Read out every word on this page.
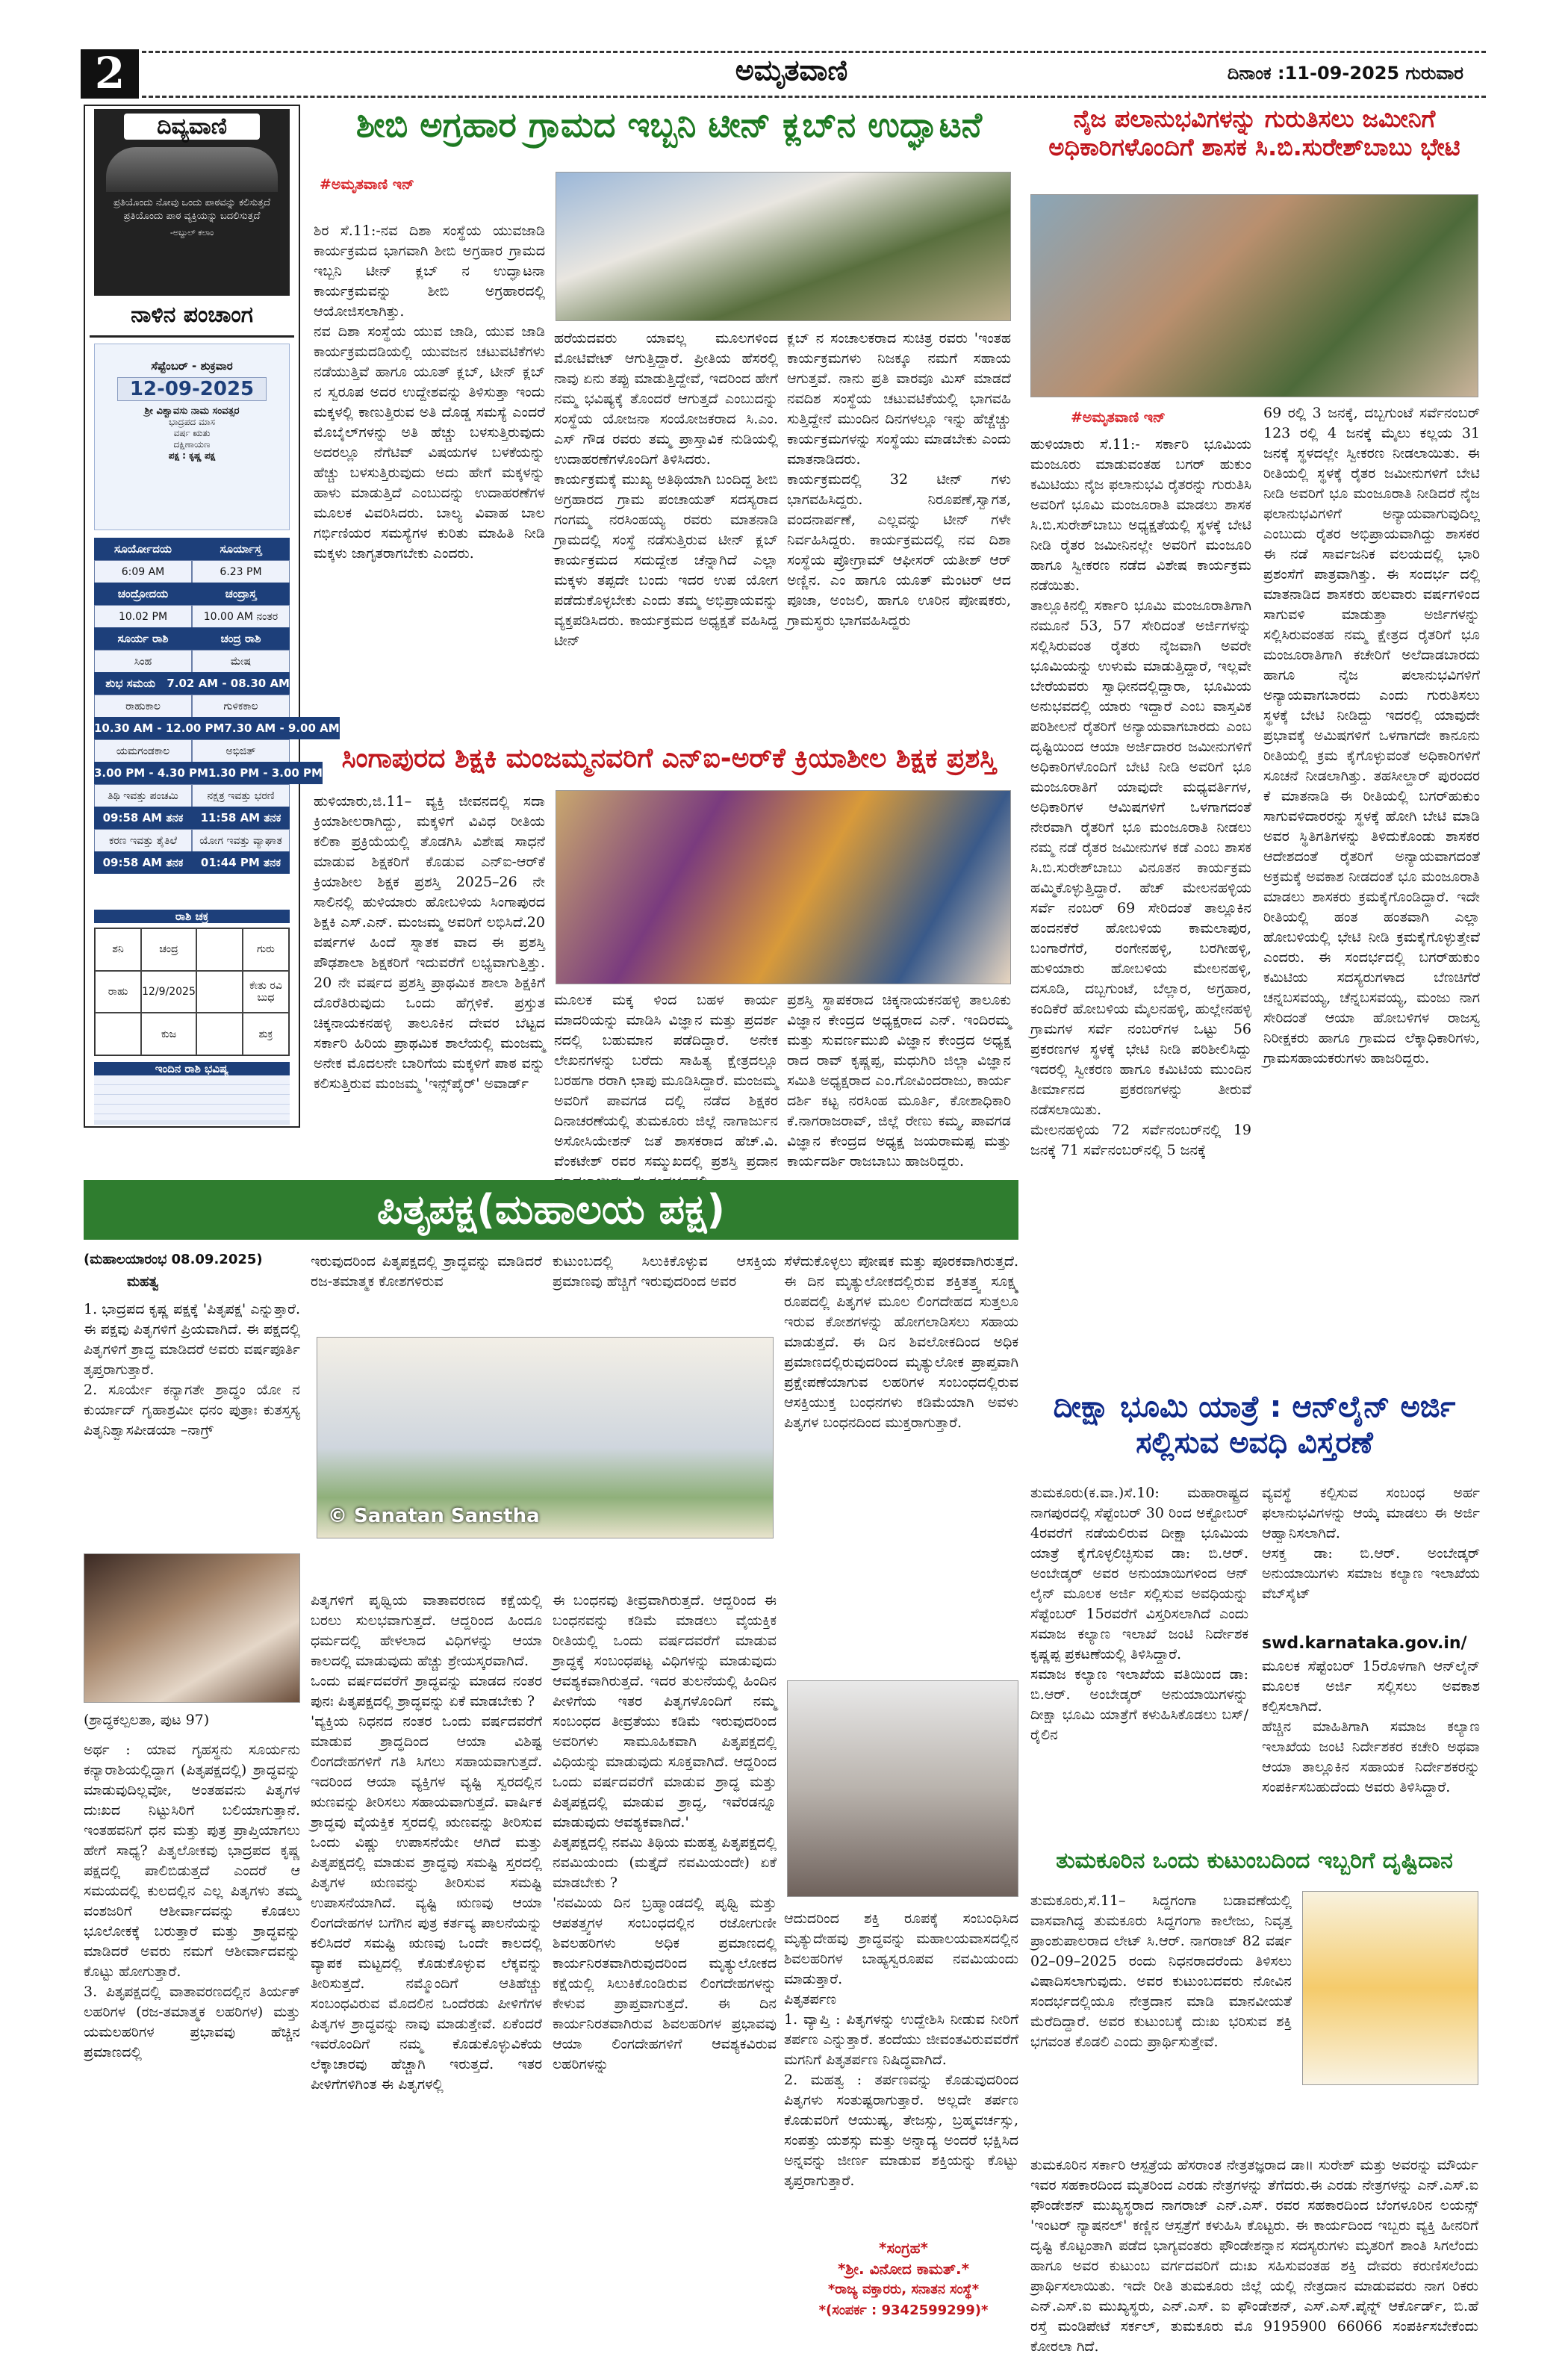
2	ಅಮೃತವಾಣಿ	ದಿನಾಂಕ :11-09-2025 ಗುರುವಾರ
ದಿವ್ಯವಾಣಿ
ಪ್ರತಿಯೊಂದು ನೋವು ಒಂದು ಪಾಠವನ್ನು ಕಲಿಸುತ್ತದೆ ಪ್ರತಿಯೊಂದು ಪಾಠ ವ್ಯಕ್ತಿಯನ್ನು ಬದಲಿಸುತ್ತದೆ
-ಅಬ್ದುಲ್ ಕಲಾಂ
ನಾಳಿನ ಪಂಚಾಂಗ
ಸೆಪ್ಟೆಂಬರ್ - ಶುಕ್ರವಾರ
12-09-2025
ಶ್ರೀ ವಿಶ್ವಾವಸು ನಾಮ ಸಂವತ್ಸರ
ಭಾದ್ರಪದ ಮಾಸ
ವರ್ಷ ಋತು
ದಕ್ಷಿಣಾಯಣ
ಪಕ್ಷ : ಕೃಷ್ಣ ಪಕ್ಷ
ಸೂರ್ಯೋದಯ	ಸೂರ್ಯಾಸ್ತ
6:09 AM	6.23 PM
ಚಂದ್ರೋದಯ	ಚಂದ್ರಾಸ್ತ
10.02 PM	10.00 AM ನಂತರ
ಸೂರ್ಯ ರಾಶಿ	ಚಂದ್ರ ರಾಶಿ
ಸಿಂಹ	ಮೇಷ
ಶುಭ ಸಮಯ	7.02 AM - 08.30 AM
ರಾಹುಕಾಲ	ಗುಳಿಕಕಾಲ
10.30 AM - 12.00 PM 7.30 AM - 9.00 AM
ಯಮಗಂಡಕಾಲ	ಅಭಿಜಿತ್
3.00 PM - 4.30 PM 1.30 PM - 3.00 PM
ತಿಥಿ ಇವತ್ತು ಪಂಚಮಿ	ನಕ್ಷತ್ರ ಇವತ್ತು ಭರಣಿ
09:58 AM ತನಕ	11:58 AM ತನಕ
ಕರಣ ಇವತ್ತು ತೈತಿಲೆ	ಯೋಗ ಇವತ್ತು ವ್ಯಾಘಾತ
09:58 AM ತನಕ	01:44 PM ತನಕ
ರಾಶಿ ಚಕ್ರ
ಶನಿ	ಚಂದ್ರ	ಗುರು
ರಾಹು	12/9/2025	ಕೇತು ರವಿ ಬುಧ
ಕುಜ	ಶುಕ್ರ
ಇಂದಿನ ರಾಶಿ ಭವಿಷ್ಯ
ಶೀಬಿ ಅಗ್ರಹಾರ ಗ್ರಾಮದ ಇಬ್ಬನಿ ಟೀನ್ ಕ್ಲಬ್‌ನ ಉದ್ಘಾಟನೆ
#ಅಮೃತವಾಣಿ ಇನ್
ಶಿರ ಸೆ.11:-ನವ ದಿಶಾ ಸಂಸ್ಥೆಯ ಯುವಜಾಡಿ ಕಾರ್ಯಕ್ರಮದ ಭಾಗವಾಗಿ ಶೀಬಿ ಅಗ್ರಹಾರ ಗ್ರಾಮದ ಇಬ್ಬನಿ ಟೀನ್ ಕ್ಲಬ್ ನ ಉದ್ಘಾಟನಾ ಕಾರ್ಯಕ್ರಮವನ್ನು ಶೀಬಿ ಅಗ್ರಹಾರದಲ್ಲಿ ಆಯೋಜಿಸಲಾಗಿತ್ತು.
ನವ ದಿಶಾ ಸಂಸ್ಥೆಯ ಯುವ ಜಾಡಿ, ಯುವ ಜಾಡಿ ಕಾರ್ಯಕ್ರಮದಡಿಯಲ್ಲಿ ಯುವಜನ ಚಟುವಟಿಕೆಗಳು ನಡೆಯುತ್ತಿವೆ ಹಾಗೂ ಯೂತ್ ಕ್ಲಬ್, ಟೀನ್ ಕ್ಲಬ್ ನ ಸ್ವರೂಪ ಅದರ ಉದ್ದೇಶವನ್ನು ತಿಳಿಸುತ್ತಾ ಇಂದು ಮಕ್ಕಳಲ್ಲಿ ಕಾಣುತ್ತಿರುವ ಅತಿ ದೊಡ್ಡ ಸಮಸ್ಯೆ ಎಂದರೆ ಮೊಬೈಲ್‌ಗಳನ್ನು ಅತಿ ಹೆಚ್ಚು ಬಳಸುತ್ತಿರುವುದು ಅದರಲ್ಲೂ ನೆಗೆಟಿವ್ ವಿಷಯಗಳ ಬಳಕೆಯನ್ನು ಹೆಚ್ಚು ಬಳಸುತ್ತಿರುವುದು ಅದು ಹೇಗೆ ಮಕ್ಕಳನ್ನು ಹಾಳು ಮಾಡುತ್ತಿದೆ ಎಂಬುದನ್ನು ಉದಾಹರಣೆಗಳ ಮೂಲಕ ವಿವರಿಸಿದರು. ಬಾಲ್ಯ ವಿವಾಹ ಬಾಲ ಗರ್ಭಿಣಿಯರ ಸಮಸ್ಯೆಗಳ ಕುರಿತು ಮಾಹಿತಿ ನೀಡಿ ಮಕ್ಕಳು ಜಾಗೃತರಾಗಬೇಕು ಎಂದರು.
ಹರೆಯದವರು ಯಾವಲ್ಲ ಮೂಲಗಳಿಂದ ಮೋಟಿವೇಟ್ ಆಗುತ್ತಿದ್ದಾರೆ. ಪ್ರೀತಿಯ ಹೆಸರಲ್ಲಿ ನಾವು ಏನು ತಪ್ಪು ಮಾಡುತ್ತಿದ್ದೇವೆ, ಇದರಿಂದ ಹೇಗೆ ನಮ್ಮ ಭವಿಷ್ಯಕ್ಕೆ ತೊಂದರೆ ಆಗುತ್ತದೆ ಎಂಬುದನ್ನು ಸಂಸ್ಥೆಯ ಯೋಜನಾ ಸಂಯೋಜಕರಾದ ಸಿ.ಎಂ. ಎಸ್ ಗೌಡ ರವರು ತಮ್ಮ ಪ್ರಾಸ್ತಾವಿಕ ನುಡಿಯಲ್ಲಿ ಉದಾಹರಣೆಗಳೊಂದಿಗೆ ತಿಳಿಸಿದರು.
ಕಾರ್ಯಕ್ರಮಕ್ಕೆ ಮುಖ್ಯ ಅತಿಥಿಯಾಗಿ ಬಂದಿದ್ದ ಶೀಬಿ ಅಗ್ರಹಾರದ ಗ್ರಾಮ ಪಂಚಾಯತ್ ಸದಸ್ಯರಾದ ಗಂಗಮ್ಮ ನರಸಿಂಹಯ್ಯ ರವರು ಮಾತನಾಡಿ ಗ್ರಾಮದಲ್ಲಿ ಸಂಸ್ಥೆ ನಡೆಸುತ್ತಿರುವ ಟೀನ್ ಕ್ಲಬ್ ಕಾರ್ಯಕ್ರಮದ ಸದುದ್ದೇಶ ಚೆನ್ನಾಗಿದೆ ಎಲ್ಲಾ ಮಕ್ಕಳು ತಪ್ಪದೇ ಬಂದು ಇದರ ಉಪ ಯೋಗ ಪಡೆದುಕೊಳ್ಳಬೇಕು ಎಂದು ತಮ್ಮ ಅಭಿಪ್ರಾಯವನ್ನು ವ್ಯಕ್ತಪಡಿಸಿದರು. ಕಾರ್ಯಕ್ರಮದ ಅಧ್ಯಕ್ಷತೆ ವಹಿಸಿದ್ದ ಟೀನ್
ಕ್ಲಬ್ ನ ಸಂಚಾಲಕರಾದ ಸುಚಿತ್ರ ರವರು 'ಇಂತಹ ಕಾರ್ಯಕ್ರಮಗಳು ನಿಜಕ್ಕೂ ನಮಗೆ ಸಹಾಯ ಆಗುತ್ತವೆ. ನಾನು ಪ್ರತಿ ವಾರವೂ ಮಿಸ್ ಮಾಡದೆ ನವದಿಶ ಸಂಸ್ಥೆಯ ಚಟುವಟಿಕೆಯಲ್ಲಿ ಭಾಗವಹಿ ಸುತ್ತಿದ್ದೇನೆ ಮುಂದಿನ ದಿನಗಳಲ್ಲೂ ಇನ್ನು ಹೆಚ್ಚೆಚ್ಚು ಕಾರ್ಯಕ್ರಮಗಳನ್ನು ಸಂಸ್ಥೆಯು ಮಾಡಬೇಕು ಎಂದು ಮಾತನಾಡಿದರು.
ಕಾರ್ಯಕ್ರಮದಲ್ಲಿ 32 ಟೀನ್ ಗಳು ಭಾಗವಹಿಸಿದ್ದರು. ನಿರೂಪಣೆ,ಸ್ವಾಗತ, ವಂದನಾರ್ಪಣೆ, ಎಲ್ಲವನ್ನು ಟೀನ್ ಗಳೇ ನಿರ್ವಹಿಸಿದ್ದರು. ಕಾರ್ಯಕ್ರಮದಲ್ಲಿ ನವ ದಿಶಾ ಸಂಸ್ಥೆಯ ಪ್ರೋಗ್ರಾಮ್ ಆಫೀಸರ್ ಯತೀಶ್ ಆರ್ ಅಣ್ಣಿನ. ಎಂ ಹಾಗೂ ಯೂತ್ ಮೆಂಟರ್ ಆದ ಪೂಜಾ, ಅಂಜಲಿ, ಹಾಗೂ ಊರಿನ ಪೋಷಕರು, ಗ್ರಾಮಸ್ಥರು ಭಾಗವಹಿಸಿದ್ದರು
ನೈಜ ಪಲಾನುಭವಿಗಳನ್ನು ಗುರುತಿಸಲು ಜಮೀನಿಗೆ ಅಧಿಕಾರಿಗಳೊಂದಿಗೆ ಶಾಸಕ ಸಿ.ಬಿ.ಸುರೇಶ್‌ಬಾಬು ಭೇಟಿ
#ಅಮೃತವಾಣಿ ಇನ್
ಹುಳಿಯಾರು ಸೆ.11:- ಸರ್ಕಾರಿ ಭೂಮಿಯ ಮಂಜೂರು ಮಾಡುವಂತಹ ಬಗರ್ ಹುಕುಂ ಕಮಿಟಿಯು ನೈಜ ಫಲಾನುಭವಿ ರೈತರನ್ನು ಗುರುತಿಸಿ ಅವರಿಗೆ ಭೂಮಿ ಮಂಜೂರಾತಿ ಮಾಡಲು ಶಾಸಕ ಸಿ.ಬಿ.ಸುರೇಶ್‌ಬಾಬು ಅಧ್ಯಕ್ಷತೆಯಲ್ಲಿ ಸ್ಥಳಕ್ಕೆ ಬೇಟಿ ನೀಡಿ ರೈತರ ಜಮೀನಿನಲ್ಲೇ ಅವರಿಗೆ ಮಂಜೂರಿ ಹಾಗೂ ಸ್ವೀಕರಣ ನಡೆದ ವಿಶೇಷ ಕಾರ್ಯಕ್ರಮ ನಡೆಯಿತು.
ತಾಲ್ಲೂಕಿನಲ್ಲಿ ಸರ್ಕಾರಿ ಭೂಮಿ ಮಂಜೂರಾತಿಗಾಗಿ ನಮೂನೆ 53, 57 ಸೇರಿದಂತೆ ಅರ್ಜಿಗಳನ್ನು ಸಲ್ಲಿಸಿರುವಂತ ರೈತರು ನೈಜವಾಗಿ ಅವರೇ ಭೂಮಿಯನ್ನು ಉಳುಮೆ ಮಾಡುತ್ತಿದ್ದಾರೆ, ಇಲ್ಲವೇ ಬೇರೆಯವರು ಸ್ವಾಧೀನದಲ್ಲಿದ್ದಾರಾ, ಭೂಮಿಯ ಅನುಭವದಲ್ಲಿ ಯಾರು ಇದ್ದಾರೆ ಎಂಬ ವಾಸ್ತವಿಕ ಪರಿಶೀಲನೆ ರೈತರಿಗೆ ಅನ್ಯಾಯವಾಗಬಾರದು ಎಂಬ ದೃಷ್ಟಿಯಿಂದ ಆಯಾ ಅರ್ಜಿದಾರರ ಜಮೀನುಗಳಿಗೆ ಅಧಿಕಾರಿಗಳೊಂದಿಗೆ ಬೇಟಿ ನೀಡಿ ಅವರಿಗೆ ಭೂ ಮಂಜೂರಾತಿಗೆ ಯಾವುದೇ ಮಧ್ಯವರ್ತಿಗಳ, ಅಧಿಕಾರಿಗಳ ಆಮಿಷಗಳಿಗೆ ಒಳಗಾಗದಂತೆ ನೇರವಾಗಿ ರೈತರಿಗೆ ಭೂ ಮಂಜೂರಾತಿ ನೀಡಲು ನಮ್ಮ ನಡೆ ರೈತರ ಜಮೀನುಗಳ ಕಡೆ ಎಂಬ ಶಾಸಕ ಸಿ.ಬಿ.ಸುರೇಶ್‌ಬಾಬು ವಿನೂತನ ಕಾರ್ಯಕ್ರಮ ಹಮ್ಮಿಕೊಳ್ಳುತ್ತಿದ್ದಾರೆ. ಹೆಚ್ ಮೇಲನಹಳ್ಳಿಯ ಸರ್ವೆ ನಂಬರ್ 69 ಸೇರಿದಂತೆ ತಾಲ್ಲೂಕಿನ ಹಂದನಕೆರೆ ಹೋಬಳಿಯ ಕಾಮಲಾಪುರ, ಬಂಗಾರೆಗೆರೆ, ರಂಗೇನಹಳ್ಳಿ, ಬರಗೀಹಳ್ಳಿ, ಹುಳಿಯಾರು ಹೋಬಳಿಯ ಮೇಲನಹಳ್ಳಿ, ದಸೂಡಿ, ದಬ್ಬಗುಂಟೆ, ಬೆಲ್ಲಾರ, ಅಗ್ರಹಾರ, ಕಂದಿಕೆರೆ ಹೋಬಳಿಯ ಮೈಲನಹಳ್ಳಿ, ಹುಲ್ಲೇನಹಳ್ಳಿ ಗ್ರಾಮಗಳ ಸರ್ವೆ ನಂಬರ್‌ಗಳ ಒಟ್ಟು 56 ಪ್ರಕರಣಗಳ ಸ್ಥಳಕ್ಕೆ ಭೇಟಿ ನೀಡಿ ಪರಿಶೀಲಿಸಿದ್ದು ಇದರಲ್ಲಿ ಸ್ವೀಕರಣ ಹಾಗೂ ಕಮಿಟಿಯ ಮುಂದಿನ ತೀರ್ಮಾನದ ಪ್ರಕರಣಗಳನ್ನು ತೀರುವೆ ನಡೆಸಲಾಯಿತು.
ಮೇಲನಹಳ್ಳಿಯ 72 ಸರ್ವೆನಂಬರ್‌ನಲ್ಲಿ 19 ಜನಕ್ಕೆ 71 ಸರ್ವೆನಂಬರ್‌ನಲ್ಲಿ 5 ಜನಕ್ಕೆ
69 ರಲ್ಲಿ 3 ಜನಕ್ಕೆ, ದಬ್ಬಗುಂಟೆ ಸರ್ವೆನಂಬರ್ 123 ರಲ್ಲಿ 4 ಜನಕ್ಕೆ ಮೈಲು ಕಲ್ಲಯ 31 ಜನಕ್ಕೆ ಸ್ಥಳದಲ್ಲೇ ಸ್ವೀಕರಣ ನೀಡಲಾಯಿತು. ಈ ರೀತಿಯಲ್ಲಿ ಸ್ಥಳಕ್ಕೆ ರೈತರ ಜಮೀನುಗಳಿಗೆ ಬೇಟಿ ನೀಡಿ ಅವರಿಗೆ ಭೂ ಮಂಜೂರಾತಿ ನೀಡಿದರೆ ನೈಜ ಫಲಾನುಭವಿಗಳಿಗೆ ಅನ್ಯಾಯವಾಗುವುದಿಲ್ಲ ಎಂಬುದು ರೈತರ ಅಭಿಪ್ರಾಯವಾಗಿದ್ದು ಶಾಸಕರ ಈ ನಡೆ ಸಾರ್ವಜನಿಕ ವಲಯದಲ್ಲಿ ಭಾರಿ ಪ್ರಶಂಸೆಗೆ ಪಾತ್ರವಾಗಿತ್ತು. ಈ ಸಂದರ್ಭ ದಲ್ಲಿ ಮಾತನಾಡಿದ ಶಾಸಕರು ಹಲವಾರು ವರ್ಷಗಳಿಂದ ಸಾಗುವಳಿ ಮಾಡುತ್ತಾ ಅರ್ಜಿಗಳನ್ನು ಸಲ್ಲಿಸಿರುವಂತಹ ನಮ್ಮ ಕ್ಷೇತ್ರದ ರೈತರಿಗೆ ಭೂ ಮಂಜೂರಾತಿಗಾಗಿ ಕಚೇರಿಗೆ ಅಲೆದಾಡಬಾರದು ಹಾಗೂ ನೈಜ ಪಲಾನುಭವಿಗಳಿಗೆ ಅನ್ಯಾಯವಾಗಬಾರದು ಎಂದು ಗುರುತಿಸಲು ಸ್ಥಳಕ್ಕೆ ಬೇಟಿ ನೀಡಿದ್ದು ಇದರಲ್ಲಿ ಯಾವುದೇ ಪ್ರಭಾವಕ್ಕೆ ಅಮಿಷಗಳಿಗೆ ಒಳಗಾಗದೇ ಕಾನೂನು ರೀತಿಯಲ್ಲಿ ಕ್ರಮ ಕೈಗೊಳ್ಳುವಂತೆ ಅಧಿಕಾರಿಗಳಿಗೆ ಸೂಚನೆ ನೀಡಲಾಗಿತ್ತು. ತಹಸೀಲ್ದಾರ್ ಪುರಂದರ ಕೆ ಮಾತನಾಡಿ ಈ ರೀತಿಯಲ್ಲಿ ಬಗರ್‌ಹುಕುಂ ಸಾಗುವಳಿದಾರರನ್ನು ಸ್ಥಳಕ್ಕೆ ಹೋಗಿ ಬೇಟಿ ಮಾಡಿ ಅವರ ಸ್ಥಿತಿಗತಿಗಳನ್ನು ತಿಳಿದುಕೊಂಡು ಶಾಸಕರ ಆದೇಶದಂತೆ ರೈತರಿಗೆ ಅನ್ಯಾಯವಾಗದಂತೆ ಅಕ್ರಮಕ್ಕೆ ಅವಕಾಶ ನೀಡದಂತೆ ಭೂ ಮಂಜೂರಾತಿ ಮಾಡಲು ಶಾಸಕರು ಕ್ರಮಕೈಗೊಂಡಿದ್ದಾರೆ. ಇದೇ ರೀತಿಯಲ್ಲಿ ಹಂತ ಹಂತವಾಗಿ ಎಲ್ಲಾ ಹೋಬಳಿಯಲ್ಲಿ ಭೇಟಿ ನೀಡಿ ಕ್ರಮಕೈಗೊಳ್ಳುತ್ತೇವೆ ಎಂದರು. ಈ ಸಂದರ್ಭದಲ್ಲಿ ಬಗರ್‌ಹುಕುಂ ಕಮಿಟಿಯ ಸದಸ್ಯರುಗಳಾದ ಬೆಣಚಿಗೆರೆ ಚನ್ನಬಸವಯ್ಯ, ಚೆನ್ನಬಸವಯ್ಯ, ಮಂಜು ನಾಗ ಸೇರಿದಂತೆ ಆಯಾ ಹೋಬಳಿಗಳ ರಾಜಸ್ವ ನಿರೀಕ್ಷಕರು ಹಾಗೂ ಗ್ರಾಮದ ಲೆಕ್ಕಾಧಿಕಾರಿಗಳು, ಗ್ರಾಮಸಹಾಯಕರುಗಳು ಹಾಜರಿದ್ದರು.
ಸಿಂಗಾಪುರದ ಶಿಕ್ಷಕಿ ಮಂಜಮ್ಮನವರಿಗೆ ಎನ್‌ಐ-ಅರ್‌ಕೆ ಕ್ರಿಯಾಶೀಲ ಶಿಕ್ಷಕ ಪ್ರಶಸ್ತಿ
ಹುಳಿಯಾರು,ಜಿ.11– ವ್ಯಕ್ತಿ ಜೀವನದಲ್ಲಿ ಸದಾ ಕ್ರಿಯಾಶೀಲರಾಗಿದ್ದು, ಮಕ್ಕಳಿಗೆ ವಿವಿಧ ರೀತಿಯ ಕಲಿಕಾ ಪ್ರಕ್ರಿಯೆಯಲ್ಲಿ ತೊಡಗಿಸಿ ವಿಶೇಷ ಸಾಧನೆ ಮಾಡುವ ಶಿಕ್ಷಕರಿಗೆ ಕೊಡುವ ಎನ್‌ಐ-ಆರ್‌ಕೆ ಕ್ರಿಯಾಶೀಲ ಶಿಕ್ಷಕ ಪ್ರಶಸ್ತಿ 2025–26 ನೇ ಸಾಲಿನಲ್ಲಿ ಹುಳಿಯಾರು ಹೋಬಳಿಯ ಸಿಂಗಾಪುರದ ಶಿಕ್ಷಕಿ ಎಸ್.ಎನ್. ಮಂಜಮ್ಮ ಅವರಿಗೆ ಲಭಿಸಿದೆ.20 ವರ್ಷಗಳ ಹಿಂದೆ ಸ್ನಾತಕ ವಾದ ಈ ಪ್ರಶಸ್ತಿ ಪೌಢಶಾಲಾ ಶಿಕ್ಷಕರಿಗೆ ಇದುವರೆಗೆ ಲಭ್ಯವಾಗುತ್ತಿತ್ತು. 20 ನೇ ವರ್ಷದ ಪ್ರಶಸ್ತಿ ಪ್ರಾಥಮಿಕ ಶಾಲಾ ಶಿಕ್ಷಕಿಗೆ ದೊರೆತಿರುವುದು ಒಂದು ಹೆಗ್ಗಳಿಕೆ. ಪ್ರಸ್ತುತ ಚಿಕ್ಕನಾಯಕನಹಳ್ಳಿ ತಾಲೂಕಿನ ದೇವರ ಬೆಟ್ಟದ ಸರ್ಕಾರಿ ಹಿರಿಯ ಪ್ರಾಥಮಿಕ ಶಾಲೆಯಲ್ಲಿ ಮಂಜಮ್ಮ ಅನೇಕ ಮೊದಲನೇ ಬಾರಿಗೆಯ ಮಕ್ಕಳಿಗೆ ಪಾಠ ವನ್ನು ಕಲಿಸುತ್ತಿರುವ ಮಂಜಮ್ಮ 'ಇನ್ಸ್‌ಪೈರ್' ಅವಾರ್ಡ್
ಮೂಲಕ ಮಕ್ಕ ಳಿಂದ ಬಹಳ ಕಾರ್ಯ ಮಾದರಿಯನ್ನು ಮಾಡಿಸಿ ವಿಜ್ಞಾನ ಮತ್ತು ಪ್ರದರ್ಶ ನದಲ್ಲಿ ಬಹುಮಾನ ಪಡೆದಿದ್ದಾರೆ. ಅನೇಕ ಲೇಖನಗಳನ್ನು ಬರೆದು ಸಾಹಿತ್ಯ ಕ್ಷೇತ್ರದಲ್ಲೂ ಬರಹಗಾ ರರಾಗಿ ಛಾಪು ಮೂಡಿಸಿದ್ದಾರೆ. ಮಂಜಮ್ಮ ಅವರಿಗೆ ಪಾವಗಡ ದಲ್ಲಿ ನಡೆದ ಶಿಕ್ಷಕರ ದಿನಾಚರಣೆಯಲ್ಲಿ ತುಮಕೂರು ಜಿಲ್ಲೆ ನಾಗಾರ್ಜುನ ಅಸೋಸಿಯೇಶನ್ ಜತೆ ಶಾಸಕರಾದ ಹೆಚ್.ವಿ. ವೆಂಕಟೇಶ್ ರವರ ಸಮ್ಮುಖದಲ್ಲಿ ಪ್ರಶಸ್ತಿ ಪ್ರದಾನ
ಪ್ರಶಸ್ತಿ ಸ್ಥಾಪಕರಾದ ಚಿಕ್ಕನಾಯಕನಹಳ್ಳಿ ತಾಲೂಕು ವಿಜ್ಞಾನ ಕೇಂದ್ರದ ಅಧ್ಯಕ್ಷರಾದ ಎನ್. ಇಂದಿರಮ್ಮ ಮತ್ತು ಸುವರ್ಣಮುಖಿ ವಿಜ್ಞಾನ ಕೇಂದ್ರದ ಅಧ್ಯಕ್ಷ ರಾದ ರಾವ್ ಕೃಷ್ಣಪ್ಪ, ಮಧುಗಿರಿ ಜಿಲ್ಲಾ ವಿಜ್ಞಾನ ಸಮಿತಿ ಅಧ್ಯಕ್ಷರಾದ ಎಂ.ಗೋವಿಂದರಾಜು, ಕಾರ್ಯ ದರ್ಶಿ ಕಟ್ಟ ನರಸಿಂಹ ಮೂರ್ತಿ, ಕೋಶಾಧಿಕಾರಿ ಕೆ.ನಾಗರಾಜರಾವ್, ಜಿಲ್ಲೆ ರೇಣು ಕಮ್ಮ, ಪಾವಗಡ ವಿಜ್ಞಾನ ಕೇಂದ್ರದ ಅಧ್ಯಕ್ಷ ಜಯರಾಮಪ್ಪ ಮತ್ತು ಕಾರ್ಯದರ್ಶಿ ರಾಜಬಾಬು ಹಾಜರಿದ್ದರು.
ಪಿತೃಪಕ್ಷ(ಮಹಾಲಯ ಪಕ್ಷ)
(ಮಹಾಲಯಾರಂಭ 08.09.2025)
ಮಹತ್ವ
1. ಭಾದ್ರಪದ ಕೃಷ್ಣ ಪಕ್ಷಕ್ಕೆ 'ಪಿತೃಪಕ್ಷ' ಎನ್ನುತ್ತಾರೆ. ಈ ಪಕ್ಷವು ಪಿತೃಗಳಿಗೆ ಪ್ರಿಯವಾಗಿದೆ. ಈ ಪಕ್ಷದಲ್ಲಿ ಪಿತೃಗಳಿಗೆ ಶ್ರಾದ್ಧ ಮಾಡಿದರೆ ಅವರು ವರ್ಷಪೂರ್ತಿ ತೃಪ್ತರಾಗುತ್ತಾರೆ.
2. ಸೂರ್ಯೇ ಕನ್ಯಾಗತೇ ಶ್ರಾದ್ಧಂ ಯೋ ನ ಕುರ್ಯಾದ್ ಗೃಹಾಶ್ರಮೀ ಧನಂ ಪುತ್ರಾಃ ಕುತಸ್ತಸ್ಯ ಪಿತೃನಿಶ್ವಾಸಪೀಡಯಾ –ನಾಗ್ರ್
(ಶ್ರಾದ್ಧಕಲ್ಪಲತಾ, ಪುಟ 97)
ಅರ್ಥ : ಯಾವ ಗೃಹಸ್ಥನು ಸೂರ್ಯನು ಕನ್ಯಾರಾಶಿಯಲ್ಲಿದ್ದಾಗ (ಪಿತೃಪಕ್ಷದಲ್ಲಿ) ಶ್ರಾದ್ಧವನ್ನು ಮಾಡುವುದಿಲ್ಲವೋ, ಅಂತಹವನು ಪಿತೃಗಳ ದುಃಖದ ನಿಟ್ಟುಸಿರಿಗೆ ಬಲಿಯಾಗುತ್ತಾನೆ. ಇಂತಹವನಿಗೆ ಧನ ಮತ್ತು ಪುತ್ರ ಪ್ರಾಪ್ತಿಯಾಗಲು ಹೇಗೆ ಸಾಧ್ಯ? ಪಿತೃಲೋಕವು ಭಾದ್ರಪದ ಕೃಷ್ಣ ಪಕ್ಷದಲ್ಲಿ ಪಾಲಿಬಿಡುತ್ತದೆ ಎಂದರೆ ಆ ಸಮಯದಲ್ಲಿ ಕುಲದಲ್ಲಿನ ಎಲ್ಲ ಪಿತೃಗಳು ತಮ್ಮ ವಂಶಜರಿಗೆ ಆಶೀರ್ವಾದವನ್ನು ಕೊಡಲು ಭೂಲೋಕಕ್ಕೆ ಬರುತ್ತಾರೆ ಮತ್ತು ಶ್ರಾದ್ಧವನ್ನು ಮಾಡಿದರೆ ಅವರು ನಮಗೆ ಆಶೀರ್ವಾದವನ್ನು ಕೊಟ್ಟು ಹೋಗುತ್ತಾರೆ.
3. ಪಿತೃಪಕ್ಷದಲ್ಲಿ ವಾತಾವರಣದಲ್ಲಿನ ತಿರ್ಯಕ್ ಲಹರಿಗಳ (ರಜ-ತಮಾತ್ಮಕ ಲಹರಿಗಳ) ಮತ್ತು ಯಮಲಹರಿಗಳ ಪ್ರಭಾವವು ಹೆಚ್ಚಿನ ಪ್ರಮಾಣದಲ್ಲಿ
ಇರುವುದರಿಂದ ಪಿತೃಪಕ್ಷದಲ್ಲಿ ಶ್ರಾದ್ಧವನ್ನು ಮಾಡಿದರೆ ರಜ-ತಮಾತ್ಮಕ ಕೋಶಗಳಿರುವ
ಕುಟುಂಬದಲ್ಲಿ ಸಿಲುಕಿಕೊಳ್ಳುವ ಆಸಕ್ತಿಯ ಪ್ರಮಾಣವು ಹೆಚ್ಚಿಗೆ ಇರುವುದರಿಂದ ಅವರ
ಸೆಳೆದುಕೊಳ್ಳಲು ಪೋಷಕ ಮತ್ತು ಪೂರಕವಾಗಿರುತ್ತದೆ. ಈ ದಿನ ಮೃತ್ಯುಲೋಕದಲ್ಲಿರುವ ಶಕ್ತಿತತ್ತ್ವ ಸೂಕ್ಷ್ಮ ರೂಪದಲ್ಲಿ ಪಿತೃಗಳ ಮೂಲ ಲಿಂಗದೇಹದ ಸುತ್ತಲೂ ಇರುವ ಕೋಶಗಳನ್ನು ಹೋಗಲಾಡಿಸಲು ಸಹಾಯ ಮಾಡುತ್ತದೆ. ಈ ದಿನ ಶಿವಲೋಕದಿಂದ ಅಧಿಕ ಪ್ರಮಾಣದಲ್ಲಿರುವುದರಿಂದ ಮೃತ್ಯುಲೋಕ ಪ್ರಾಪ್ತವಾಗಿ ಪ್ರಕ್ಷೇಪಣೆಯಾಗುವ ಲಹರಿಗಳ ಸಂಬಂಧದಲ್ಲಿರುವ ಆಸಕ್ತಿಯುಕ್ತ ಬಂಧನಗಳು ಕಡಿಮೆಯಾಗಿ ಅವಳು ಪಿತೃಗಳ ಬಂಧನದಿಂದ ಮುಕ್ತರಾಗುತ್ತಾರೆ.
© Sanatan Sanstha
ಪಿತೃಗಳಿಗೆ ಪೃಥ್ವಿಯ ವಾತಾವರಣದ ಕಕ್ಷೆಯಲ್ಲಿ ಬರಲು ಸುಲಭವಾಗುತ್ತದೆ. ಆದ್ದರಿಂದ ಹಿಂದೂ ಧರ್ಮದಲ್ಲಿ ಹೇಳಲಾದ ವಿಧಿಗಳನ್ನು ಆಯಾ ಕಾಲದಲ್ಲಿ ಮಾಡುವುದು ಹೆಚ್ಚು ಶ್ರೇಯಸ್ಕರವಾಗಿದೆ.
ಒಂದು ವರ್ಷದವರೆಗೆ ಶ್ರಾದ್ಧವನ್ನು ಮಾಡದ ನಂತರ ಪುನಃ ಪಿತೃಪಕ್ಷದಲ್ಲಿ ಶ್ರಾದ್ಧವನ್ನು ಏಕೆ ಮಾಡಬೇಕು ?
'ವ್ಯಕ್ತಿಯ ನಿಧನದ ನಂತರ ಒಂದು ವರ್ಷದವರೆಗೆ ಮಾಡುವ ಶ್ರಾದ್ಧದಿಂದ ಆಯಾ ವಿಶಿಷ್ಟ ಲಿಂಗದೇಹಗಳಿಗೆ ಗತಿ ಸಿಗಲು ಸಹಾಯವಾಗುತ್ತದೆ. ಇದರಿಂದ ಆಯಾ ವ್ಯಕ್ತಿಗಳ ವ್ಯಷ್ಟಿ ಸ್ವರದಲ್ಲಿನ ಋಣವನ್ನು ತೀರಿಸಲು ಸಹಾಯವಾಗುತ್ತದೆ. ವಾರ್ಷಿಕ ಶ್ರಾದ್ಧವು ವೈಯಕ್ತಿಕ ಸ್ತರದಲ್ಲಿ ಋಣವನ್ನು ತೀರಿಸುವ ಒಂದು ವಿಷ್ಣು ಉಪಾಸನೆಯೇ ಆಗಿದೆ ಮತ್ತು ಪಿತೃಪಕ್ಷದಲ್ಲಿ ಮಾಡುವ ಶ್ರಾದ್ಧವು ಸಮಷ್ಟಿ ಸ್ತರದಲ್ಲಿ ಪಿತೃಗಳ ಋಣವನ್ನು ತೀರಿಸುವ ಸಮಷ್ಟಿ ಉಪಾಸನೆಯಾಗಿದೆ. ವ್ಯಷ್ಟಿ ಋಣವು ಆಯಾ ಲಿಂಗದೇಹಗಳ ಬಗೆಗಿನ ಪುತ್ರ ಕರ್ತವ್ಯ ಪಾಲನೆಯನ್ನು ಕಲಿಸಿದರೆ ಸಮಷ್ಟಿ ಋಣವು ಒಂದೇ ಕಾಲದಲ್ಲಿ ವ್ಯಾಪಕ ಮಟ್ಟದಲ್ಲಿ ಕೊಡುಕೊಳ್ಳುವ ಲೆಕ್ಕವನ್ನು ತೀರಿಸುತ್ತದೆ. ನಮ್ಮೊಂದಿಗೆ ಆತಿಹೆಚ್ಚು ಸಂಬಂಧವಿರುವ ಮೊದಲಿನ ಒಂದೆರಡು ಪೀಳಿಗೆಗಳ ಪಿತೃಗಳ ಶ್ರಾದ್ಧವನ್ನು ನಾವು ಮಾಡುತ್ತೇವೆ. ಏಕೆಂದರೆ ಇವರೊಂದಿಗೆ ನಮ್ಮ ಕೊಡುಕೊಳ್ಳುವಿಕೆಯ ಲೆಕ್ಕಾಚಾರವು ಹೆಚ್ಚಾಗಿ ಇರುತ್ತದೆ. ಇತರ ಪೀಳಿಗೆಗಳಿಗಿಂತ ಈ ಪಿತೃಗಳಲ್ಲಿ
ಈ ಬಂಧನವು ತೀವ್ರವಾಗಿರುತ್ತದೆ. ಆದ್ದರಿಂದ ಈ ಬಂಧನವನ್ನು ಕಡಿಮೆ ಮಾಡಲು ವೈಯಕ್ತಿಕ ರೀತಿಯಲ್ಲಿ ಒಂದು ವರ್ಷದವರೆಗೆ ಮಾಡುವ ಶ್ರಾದ್ಧಕ್ಕೆ ಸಂಬಂಧಪಟ್ಟ ವಿಧಿಗಳನ್ನು ಮಾಡುವುದು ಆವಶ್ಯಕವಾಗಿರುತ್ತದೆ. ಇದರ ತುಲನೆಯಲ್ಲಿ ಹಿಂದಿನ ಪೀಳಿಗೆಯ ಇತರ ಪಿತೃಗಳೊಂದಿಗೆ ನಮ್ಮ ಸಂಬಂಧದ ತೀವ್ರತೆಯು ಕಡಿಮೆ ಇರುವುದರಿಂದ ಅವರಿಗಳು ಸಾಮೂಹಿಕವಾಗಿ ಪಿತೃಪಕ್ಷದಲ್ಲಿ ವಿಧಿಯನ್ನು ಮಾಡುವುದು ಸೂಕ್ತವಾಗಿದೆ. ಆದ್ದರಿಂದ ಒಂದು ವರ್ಷದವರೆಗೆ ಮಾಡುವ ಶ್ರಾದ್ಧ ಮತ್ತು ಪಿತೃಪಕ್ಷದಲ್ಲಿ ಮಾಡುವ ಶ್ರಾದ್ಧ, ಇವೆರಡನ್ನೂ ಮಾಡುವುದು ಆವಶ್ಯಕವಾಗಿದೆ.'
ಪಿತೃಪಕ್ಷದಲ್ಲಿ ನವಮಿ ತಿಥಿಯ ಮಹತ್ವ ಪಿತೃಪಕ್ಷದಲ್ಲಿ ನವಮಿಯಂದು (ಮತ್ತೈದೆ ನವಮಿಯಂದೇ) ಏಕೆ ಮಾಡಬೇಕು ?
'ನವಮಿಯ ದಿನ ಬ್ರಹ್ಮಾಂಡದಲ್ಲಿ ಪೃಥ್ವಿ ಮತ್ತು ಆಪತತ್ತ್ವಗಳ ಸಂಬಂಧದಲ್ಲಿನ ರಜೋಗುಣೀ ಶಿವಲಹರಿಗಳು ಅಧಿಕ ಪ್ರಮಾಣದಲ್ಲಿ ಕಾರ್ಯನಿರತವಾಗಿರುವುದರಿಂದ ಮೃತ್ಯುಲೋಕದ ಕಕ್ಷೆಯಲ್ಲಿ ಸಿಲುಕಿಕೊಂಡಿರುವ ಲಿಂಗದೇಹಗಳನ್ನು ಕೇಳುವ ಪ್ರಾಪ್ತವಾಗುತ್ತದೆ. ಈ ದಿನ ಕಾರ್ಯನಿರತವಾಗಿರುವ ಶಿವಲಹರಿಗಳ ಪ್ರಭಾವವು ಆಯಾ ಲಿಂಗದೇಹಗಳಿಗೆ ಆವಶ್ಯಕವಿರುವ ಲಹರಿಗಳನ್ನು
ಆದುದರಿಂದ ಶಕ್ತಿ ರೂಪಕ್ಕೆ ಸಂಬಂಧಿಸಿದ ಮೃತ್ಯುದೇಹವು ಶ್ರಾದ್ಧವನ್ನು ಮಹಾಲಯವಾಸದಲ್ಲಿನ ಶಿವಲಹರಿಗಳ ಬಾಹ್ಯಸ್ವರೂಪವ ನವಮಿಯಂದು ಮಾಡುತ್ತಾರೆ.
ಪಿತೃತರ್ಪಣ
1. ವ್ಯಾಪ್ತಿ : ಪಿತೃಗಳನ್ನು ಉದ್ದೇಶಿಸಿ ನೀಡುವ ನೀರಿಗೆ ತರ್ಪಣ ಎನ್ನುತ್ತಾರೆ. ತಂದೆಯು ಜೀವಂತವಿರುವವರೆಗೆ ಮಗನಿಗೆ ಪಿತೃತರ್ಪಣ ನಿಷಿದ್ಧವಾಗಿದೆ.
2. ಮಹತ್ವ : ತರ್ಪಣವನ್ನು ಕೊಡುವುದರಿಂದ ಪಿತೃಗಳು ಸಂತುಷ್ಟರಾಗುತ್ತಾರೆ. ಅಲ್ಲದೇ ತರ್ಪಣ ಕೊಡುವರಿಗೆ ಆಯುಷ್ಯ, ತೇಜಸ್ಸು, ಬ್ರಹ್ಮವರ್ಚಸ್ಸು, ಸಂಪತ್ತು ಯಶಸ್ಸು ಮತ್ತು ಅನ್ನಾದ್ಯ ಅಂದರೆ ಭಕ್ಷಿಸಿದ ಅನ್ನವನ್ನು ಜೀರ್ಣ ಮಾಡುವ ಶಕ್ತಿಯನ್ನು ಕೊಟ್ಟು ತೃಪ್ತರಾಗುತ್ತಾರೆ.
*ಸಂಗ್ರಹ*
*ಶ್ರೀ. ವಿನೋದ ಕಾಮತ್.*
*ರಾಜ್ಯ ವಕ್ತಾರರು, ಸನಾತನ ಸಂಸ್ಥೆ*
*(ಸಂಪರ್ಕ : 9342599299)*
ದೀಕ್ಷಾ ಭೂಮಿ ಯಾತ್ರೆ : ಆನ್‌ಲೈನ್ ಅರ್ಜಿ ಸಲ್ಲಿಸುವ ಅವಧಿ ವಿಸ್ತರಣೆ
ತುಮಕೂರು(ಕ.ವಾ.)ಸೆ.10: ಮಹಾರಾಷ್ಟ್ರದ ನಾಗಪುರದಲ್ಲಿ ಸೆಪ್ಟೆಂಬರ್ 30 ರಿಂದ ಅಕ್ಟೋಬರ್ 4ರವರೆಗೆ ನಡೆಯಲಿರುವ ದೀಕ್ಷಾ ಭೂಮಿಯ ಯಾತ್ರೆ ಕೈಗೊಳ್ಳಲಿಚ್ಛಿಸುವ ಡಾ: ಬಿ.ಆರ್. ಅಂಬೇಡ್ಕರ್ ಅವರ ಅನುಯಾಯಿಗಳಿಂದ ಆನ್ ಲೈನ್ ಮೂಲಕ ಅರ್ಜಿ ಸಲ್ಲಿಸುವ ಅವಧಿಯನ್ನು ಸೆಪ್ಟೆಂಬರ್ 15ರವರೆಗೆ ವಿಸ್ತರಿಸಲಾಗಿದೆ ಎಂದು ಸಮಾಜ ಕಲ್ಯಾಣ ಇಲಾಖೆ ಜಂಟಿ ನಿರ್ದೇಶಕ ಕೃಷ್ಣಪ್ಪ ಪ್ರಕಟಣೆಯಲ್ಲಿ ತಿಳಿಸಿದ್ದಾರೆ.
ಸಮಾಜ ಕಲ್ಯಾಣ ಇಲಾಖೆಯ ವತಿಯಿಂದ ಡಾ: ಬಿ.ಆರ್. ಅಂಬೇಡ್ಕರ್ ಅನುಯಾಯಿಗಳನ್ನು ದೀಕ್ಷಾ ಭೂಮಿ ಯಾತ್ರೆಗೆ ಕಳುಹಿಸಿಕೊಡಲು ಬಸ್/ರೈಲಿನ
ವ್ಯವಸ್ಥೆ ಕಲ್ಪಿಸುವ ಸಂಬಂಧ ಅರ್ಹ ಫಲಾನುಭವಿಗಳನ್ನು ಆಯ್ಕೆ ಮಾಡಲು ಈ ಅರ್ಜಿ ಆಹ್ವಾನಿಸಲಾಗಿದೆ.
ಆಸಕ್ತ ಡಾ: ಬಿ.ಆರ್. ಅಂಬೇಡ್ಕರ್ ಅನುಯಾಯಿಗಳು ಸಮಾಜ ಕಲ್ಯಾಣ ಇಲಾಖೆಯ ವೆಬ್‌ಸೈಟ್
swd.karnataka.gov.in/
ಮೂಲಕ ಸೆಪ್ಟೆಂಬರ್ 15ರೊಳಗಾಗಿ ಆನ್‌ಲೈನ್ ಮೂಲಕ ಅರ್ಜಿ ಸಲ್ಲಿಸಲು ಅವಕಾಶ ಕಲ್ಪಿಸಲಾಗಿದೆ.
ಹೆಚ್ಚಿನ ಮಾಹಿತಿಗಾಗಿ ಸಮಾಜ ಕಲ್ಯಾಣ ಇಲಾಖೆಯ ಜಂಟಿ ನಿರ್ದೇಶಕರ ಕಚೇರಿ ಅಥವಾ ಆಯಾ ತಾಲ್ಲೂಕಿನ ಸಹಾಯಕ ನಿರ್ದೇಶಕರನ್ನು ಸಂಪರ್ಕಿಸಬಹುದೆಂದು ಅವರು ತಿಳಿಸಿದ್ದಾರೆ.
ತುಮಕೂರಿನ ಒಂದು ಕುಟುಂಬದಿಂದ ಇಬ್ಬರಿಗೆ ದೃಷ್ಟಿದಾನ
ತುಮಕೂರು,ಸೆ.11– ಸಿದ್ದಗಂಗಾ ಬಡಾವಣೆಯಲ್ಲಿ ವಾಸವಾಗಿದ್ದ ತುಮಕೂರು ಸಿದ್ದಗಂಗಾ ಕಾಲೇಜು, ನಿವೃತ್ತ ಪ್ರಾಂಶುಪಾಲರಾದ ಲೇಟ್ ಸಿ.ಆರ್. ನಾಗರಾಜ್ 82 ವರ್ಷ 02–09–2025 ರಂದು ನಿಧನರಾದರೆಂದು ತಿಳಿಸಲು ವಿಷಾದಿಸಲಾಗುವುದು. ಅವರ ಕುಟುಂಬದವರು ನೋವಿನ ಸಂದರ್ಭದಲ್ಲಿಯೂ ನೇತ್ರದಾನ ಮಾಡಿ ಮಾನವೀಯತೆ ಮೆರೆದಿದ್ದಾರೆ. ಅವರ ಕುಟುಂಬಕ್ಕೆ ದುಃಖ ಭರಿಸುವ ಶಕ್ತಿ ಭಗವಂತ ಕೊಡಲಿ ಎಂದು ಪ್ರಾರ್ಥಿಸುತ್ತೇವೆ.
ತುಮಕೂರಿನ ಸರ್ಕಾರಿ ಆಸ್ಪತ್ರೆಯ ಹೆಸರಾಂತ ನೇತ್ರತಜ್ಞರಾದ ಡಾ॥ ಸುರೇಶ್ ಮತ್ತು ಅವರನ್ನು ಮೌರ್ಯ ಇವರ ಸಹಕಾರದಿಂದ ಮೃತರಿಂದ ಎರಡು ನೇತ್ರಗಳನ್ನು ತೆಗೆದರು.ಈ ಎರಡು ನೇತ್ರಗಳನ್ನು ಎನ್.ಎಸ್.ಐ ಫೌಂಡೇಶನ್ ಮುಖ್ಯಸ್ಥರಾದ ನಾಗರಾಜ್ ಎನ್.ಎಸ್. ರವರ ಸಹಕಾರದಿಂದ ಬೆಂಗಳೂರಿನ ಲಯನ್ಸ್ 'ಇಂಟರ್ ನ್ಯಾಷನಲ್' ಕಣ್ಣಿನ ಆಸ್ಪತ್ರೆಗೆ ಕಳುಹಿಸಿ ಕೊಟ್ಟರು. ಈ ಕಾರ್ಯದಿಂದ ಇಬ್ಬರು ವ್ಯಕ್ತಿ ಹೀನರಿಗೆ ದೃಷ್ಟಿ ಕೊಟ್ಟಂತಾಗಿ ಪಡೆದ ಭಾಗ್ಯವಂತರು ಫೌಂಡೇಶನ್ನಾನ ಸದಸ್ಯರುಗಳು ಮೃತರಿಗೆ ಶಾಂತಿ ಸಿಗಲೆಂದು ಹಾಗೂ ಅವರ ಕುಟುಂಬ ವರ್ಗದವರಿಗೆ ದುಃಖ ಸಹಿಸುವಂತಹ ಶಕ್ತಿ ದೇವರು ಕರುಣಿಸಲೆಂದು ಪ್ರಾರ್ಥಿಸಲಾಯಿತು. ಇದೇ ರೀತಿ ತುಮಕೂರು ಜಿಲ್ಲೆ ಯಲ್ಲಿ ನೇತ್ರದಾನ ಮಾಡುವವರು ನಾಗ ರಿಕರು ಎನ್.ಎಸ್.ಐ ಮುಖ್ಯಸ್ಥರು, ಎನ್.ಎಸ್. ಐ ಫೌಂಡೇಶನ್, ಎಸ್.ಎಸ್.ಪೈನ್ನ್ ಆರ್ಕೊರ್ಡ್, ಬಿ.ಹೆ ರಸ್ತೆ ಮಂಡಿಪೇಟೆ ಸರ್ಕಲ್, ತುಮಕೂರು ಮೊ 9195900 66066 ಸಂಪರ್ಕಿಸಬೇಕೆಂದು ಕೋರಲಾ ಗಿದೆ.
